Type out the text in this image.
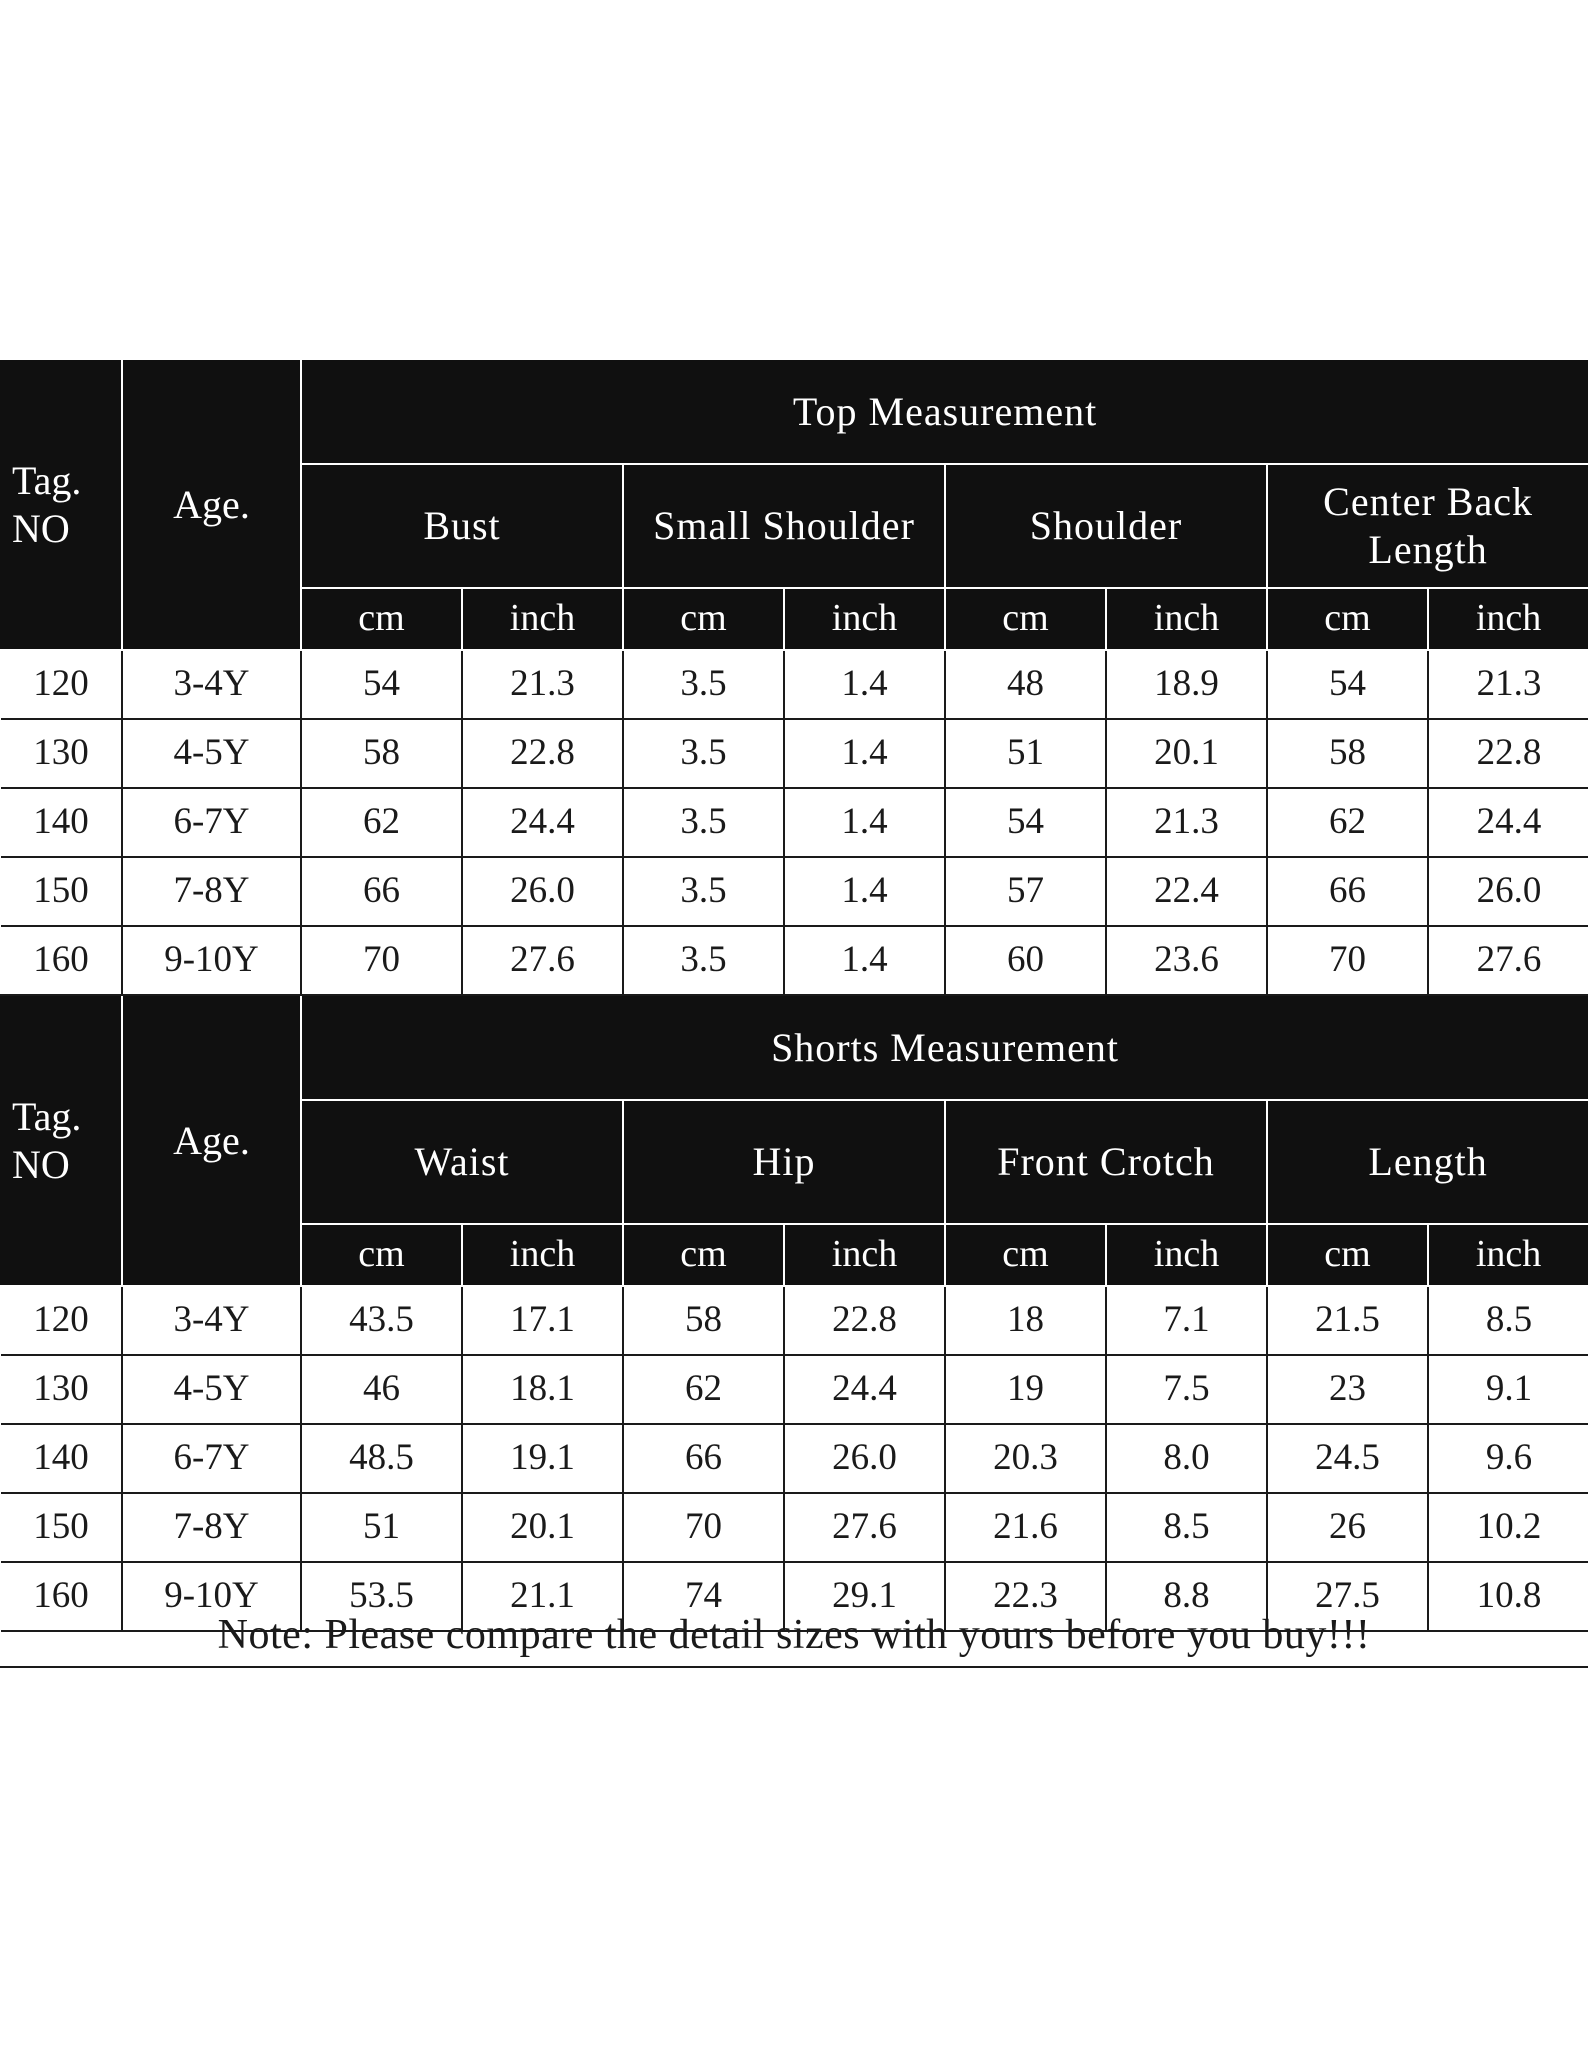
Tag.
NO	Age.	Top Measurement							

		Bust		Small Shoulder		Shoulder		Center Back
Length	

		cm	inch	cm	inch	cm	inch	cm	inch
120	3-4Y	54	21.3	3.5	1.4	48	18.9	54	21.3
130	4-5Y	58	22.8	3.5	1.4	51	20.1	58	22.8
140	6-7Y	62	24.4	3.5	1.4	54	21.3	62	24.4
150	7-8Y	66	26.0	3.5	1.4	57	22.4	66	26.0
160	9-10Y	70	27.6	3.5	1.4	60	23.6	70	27.6

Tag.
NO	Age.	Shorts Measurement							

		Waist		Hip		Front Crotch		Length	

		cm	inch	cm	inch	cm	inch	cm	inch
120	3-4Y	43.5	17.1	58	22.8	18	7.1	21.5	8.5
130	4-5Y	46	18.1	62	24.4	19	7.5	23	9.1
140	6-7Y	48.5	19.1	66	26.0	20.3	8.0	24.5	9.6
150	7-8Y	51	20.1	70	27.6	21.6	8.5	26	10.2
160	9-10Y	53.5	21.1	74	29.1	22.3	8.8	27.5	10.8
Note: Please compare the detail sizes with yours before you buy!!!
